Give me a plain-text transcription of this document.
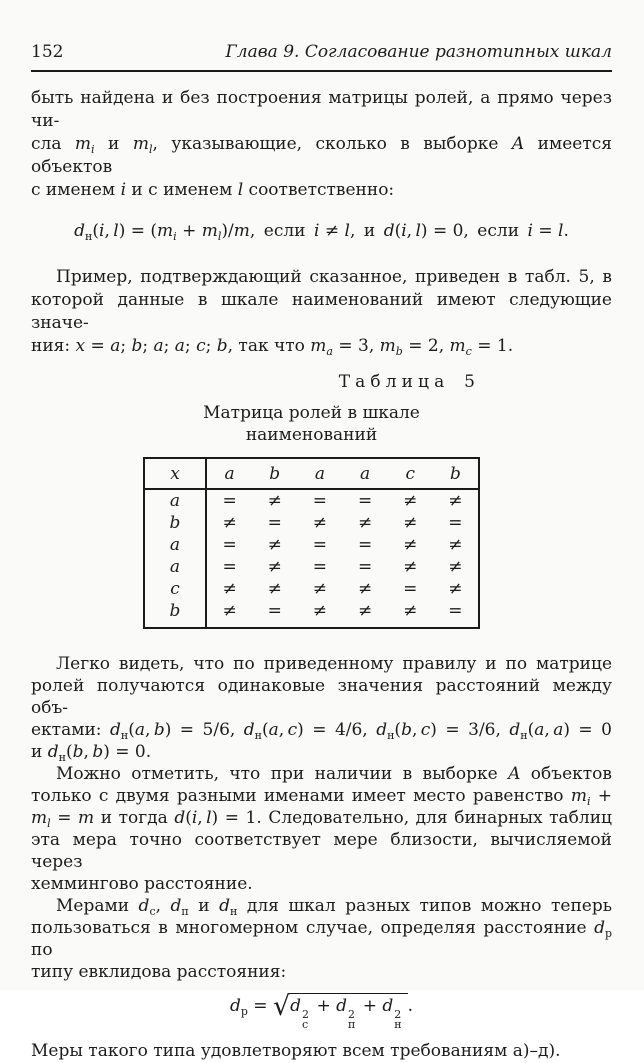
152	Глава 9. Согласование разнотипных шкал
быть найдена и без построения матрицы ролей, а прямо через чи-
сла $m_i$ и $m_l$, указывающие, сколько в выборке A имеется объектов
с именем i и с именем l соответственно:
$d_н(i$, $l) = (m_i + m_l)/m$, если i ≠ l, и d(i, l) = 0, если i = l.
Пример, подтверждающий сказанное, приведен в табл. 5, в
которой данные в шкале наименований имеют следующие значе-
ния: x = a; b; a; a; c; b, так что $m_a = 3$, $m_b = 2$, $m_c = 1$.
Таблица 5
Матрица ролей в шкале наименований
x	a	b	a	a	c	b
a	=	≠	=	=	≠	≠
b	≠	=	≠	≠	≠	=
a	=	≠	=	=	≠	≠
a	=	≠	=	=	≠	≠
c	≠	≠	≠	≠	=	≠
b	≠	=	≠	≠	≠	=
Легко видеть, что по приведенному правилу и по матрице
ролей получаются одинаковые значения расстояний между объ-
ектами: $d_н(a$, b) = 5/6, $d_н(a$, c) = 4/6, $d_н(b$, c) = 3/6, $d_н(a$, a) = 0
и $d_н(b$, b) = 0.
Можно отметить, что при наличии в выборке A объектов
только с двумя разными именами имеет место равенство $m_i$ +
$m_l = m$ и тогда d(i, l) = 1. Следовательно, для бинарных таблиц
эта мера точно соответствует мере близости, вычисляемой через
хеммингово расстояние.
Мерами $d_с$, $d_п$ и $d_н$ для шкал разных типов можно теперь
пользоваться в многомерном случае, определяя расстояние $d_р$ по
типу евклидова расстояния:
$d_р = √d$ 2
с
+ d 2
п
+ d 2
н
.
Меры такого типа удовлетворяют всем требованиям а)–д).
